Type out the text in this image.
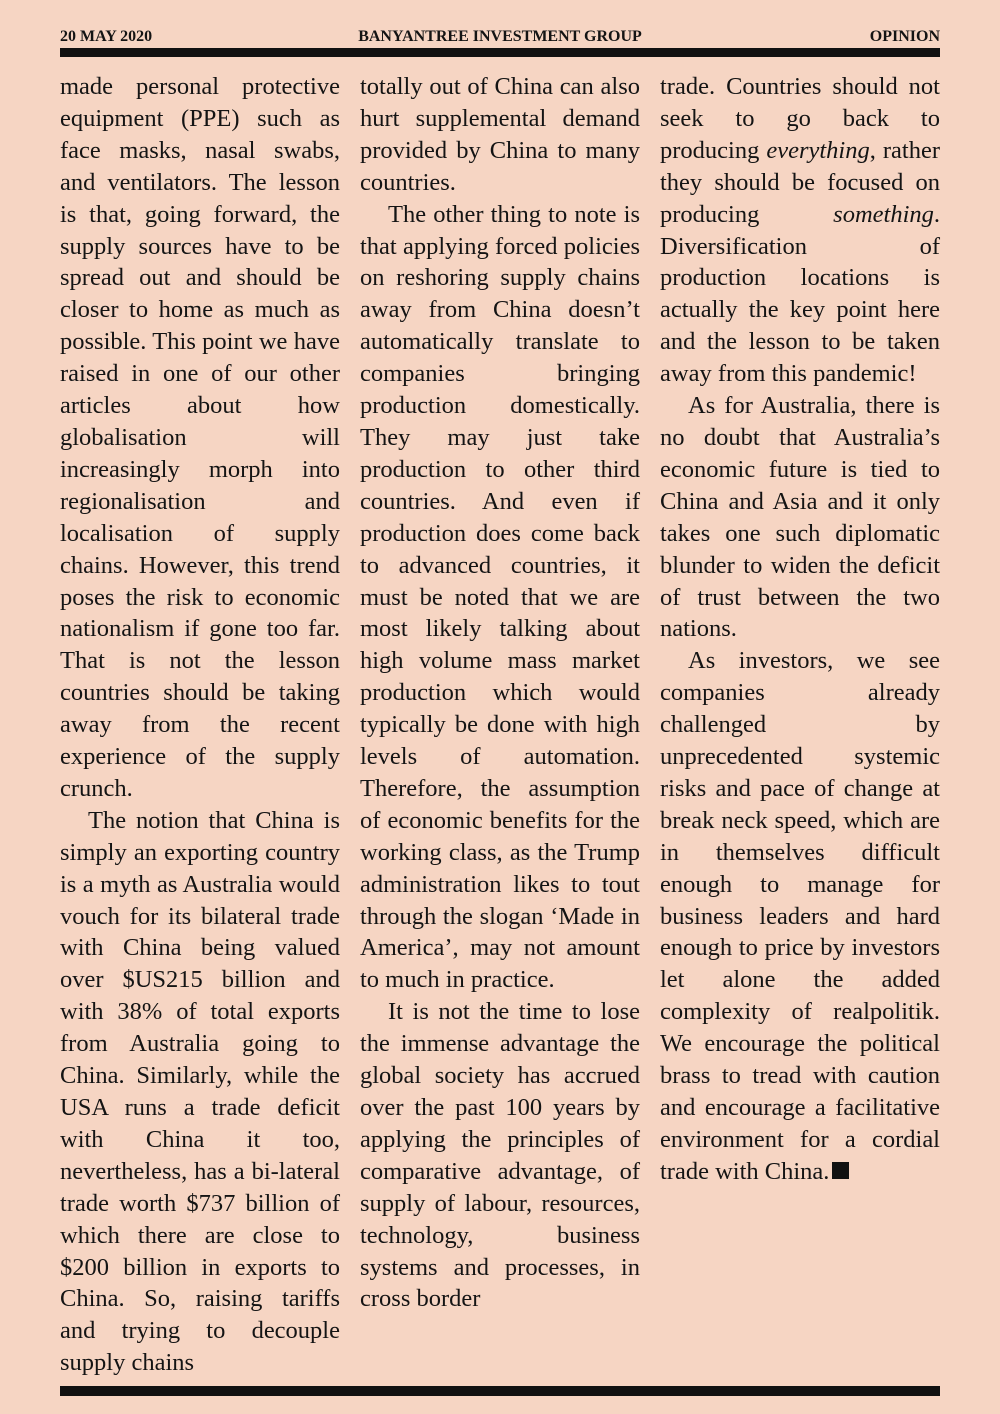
20 MAY 2020	BANYANTREE INVESTMENT GROUP	OPINION

made personal protective equipment (PPE) such as face masks, nasal swabs, and ventilators. The lesson is that, going forward, the supply sources have to be spread out and should be closer to home as much as possible. This point we have raised in one of our other articles about how globalisation will increasingly morph into regionalisation and localisation of supply chains. However, this trend poses the risk to economic nationalism if gone too far. That is not the lesson countries should be taking away from the recent experience of the supply crunch.

The notion that China is simply an exporting country is a myth as Australia would vouch for its bilateral trade with China being valued over $US215 billion and with 38% of total exports from Australia going to China. Similarly, while the USA runs a trade deficit with China it too, nevertheless, has a bi-lateral trade worth $737 billion of which there are close to $200 billion in exports to China. So, raising tariffs and trying to decouple supply chains

totally out of China can also hurt supplemental demand provided by China to many countries.

The other thing to note is that applying forced policies on reshoring supply chains away from China doesn’t automatically translate to companies bringing production domestically. They may just take production to other third countries. And even if production does come back to advanced countries, it must be noted that we are most likely talking about high volume mass market production which would typically be done with high levels of automation. Therefore, the assumption of economic benefits for the working class, as the Trump administration likes to tout through the slogan ‘Made in America’, may not amount to much in practice.

It is not the time to lose the immense advantage the global society has accrued over the past 100 years by applying the principles of comparative advantage, of supply of labour, resources, technology, business systems and processes, in cross border

trade. Countries should not seek to go back to producing everything, rather they should be focused on producing something. Diversification of production locations is actually the key point here and the lesson to be taken away from this pandemic!

As for Australia, there is no doubt that Australia’s economic future is tied to China and Asia and it only takes one such diplomatic blunder to widen the deficit of trust between the two nations.

As investors, we see companies already challenged by unprecedented systemic risks and pace of change at break neck speed, which are in themselves difficult enough to manage for business leaders and hard enough to price by investors let alone the added complexity of realpolitik. We encourage the political brass to tread with caution and encourage a facilitative environment for a cordial trade with China.
